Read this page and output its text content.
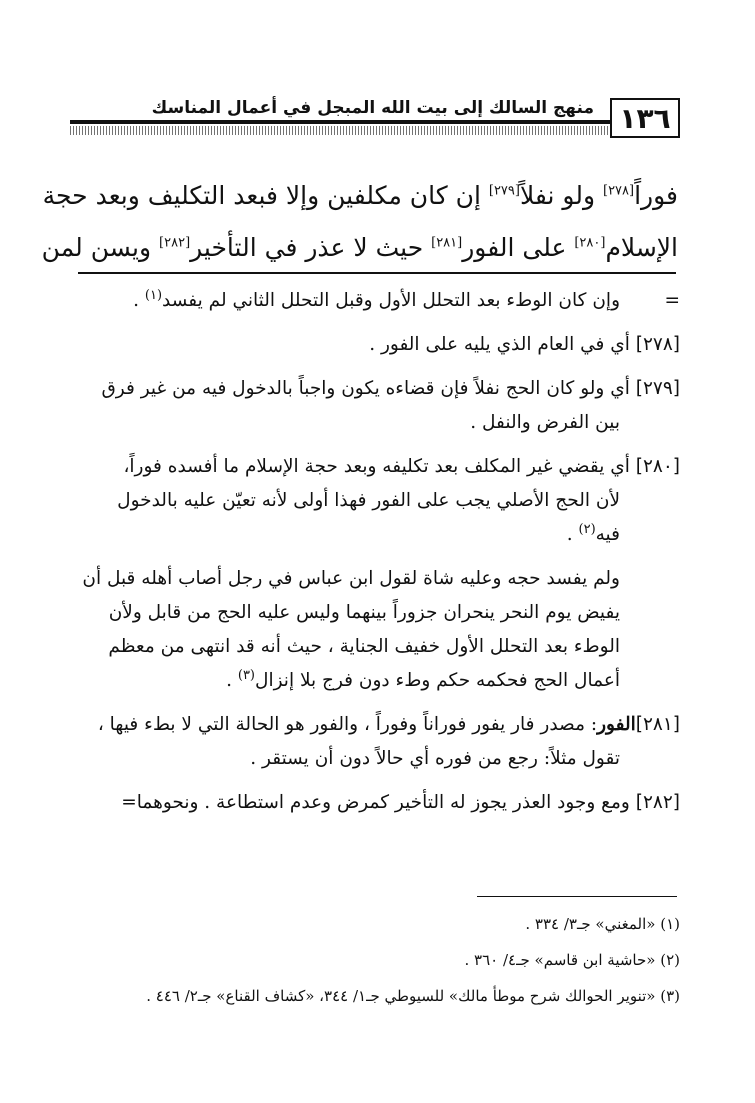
١٣٦
منهج السالك إلى بيت الله المبجل في أعمال المناسك
فوراً[٢٧٨] ولو نفلاً[٢٧٩] إن كان مكلفين وإلا فبعد التكليف وبعد حجة
الإسلام[٢٨٠] على الفور[٢٨١] حيث لا عذر في التأخير[٢٨٢] ويسن لمن
=
وإن كان الوطء بعد التحلل الأول وقبل التحلل الثاني لم يفسد$^{(١)}$ .
[٢٧٨] أي في العام الذي يليه على الفور .
[٢٧٩] أي ولو كان الحج نفلاً فإن قضاءه يكون واجباً بالدخول فيه من غير فرق
بين الفرض والنفل .
[٢٨٠] أي يقضي غير المكلف بعد تكليفه وبعد حجة الإسلام ما أفسده فوراً،
لأن الحج الأصلي يجب على الفور فهذا أولى لأنه تعيّن عليه بالدخول
فيه$^{(٢)}$ .
ولم يفسد حجه وعليه شاة لقول ابن عباس في رجل أصاب أهله قبل أن
يفيض يوم النحر ينحران جزوراً بينهما وليس عليه الحج من قابل ولأن
الوطء بعد التحلل الأول خفيف الجناية ، حيث أنه قد انتهى من معظم
أعمال الحج فحكمه حكم وطء دون فرج بلا إنزال$^{(٣)}$ .
[٢٨١]الفور: مصدر فار يفور فوراناً وفوراً ، والفور هو الحالة التي لا بطء فيها ،
تقول مثلاً: رجع من فوره أي حالاً دون أن يستقر .
[٢٨٢] ومع وجود العذر يجوز له التأخير كمرض وعدم استطاعة . ونحوهما=
(١) «المغني» جـ٣/ ٣٣٤ .
(٢) «حاشية ابن قاسم» جـ٤/ ٣٦٠ .
(٣) «تنوير الحوالك شرح موطأ مالك» للسيوطي جـ١/ ٣٤٤، «كشاف القناع» جـ٢/ ٤٤٦ .
